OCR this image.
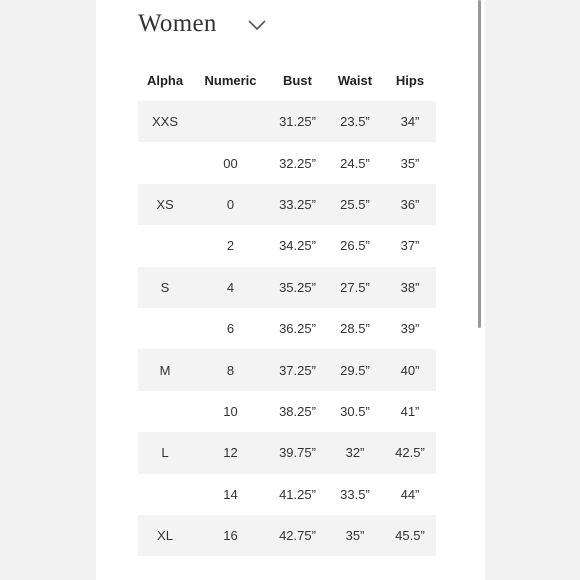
Women
Alpha	Numeric	Bust	Waist	Hips
XXS		31.25”	23.5”	34”
	00	32.25”	24.5”	35”
XS	0	33.25”	25.5”	36”
	2	34.25”	26.5”	37”
S	4	35.25”	27.5”	38”
	6	36.25”	28.5”	39”
M	8	37.25”	29.5”	40”
	10	38.25”	30.5”	41”
L	12	39.75”	32”	42.5”
	14	41.25”	33.5”	44”
XL	16	42.75”	35”	45.5”
